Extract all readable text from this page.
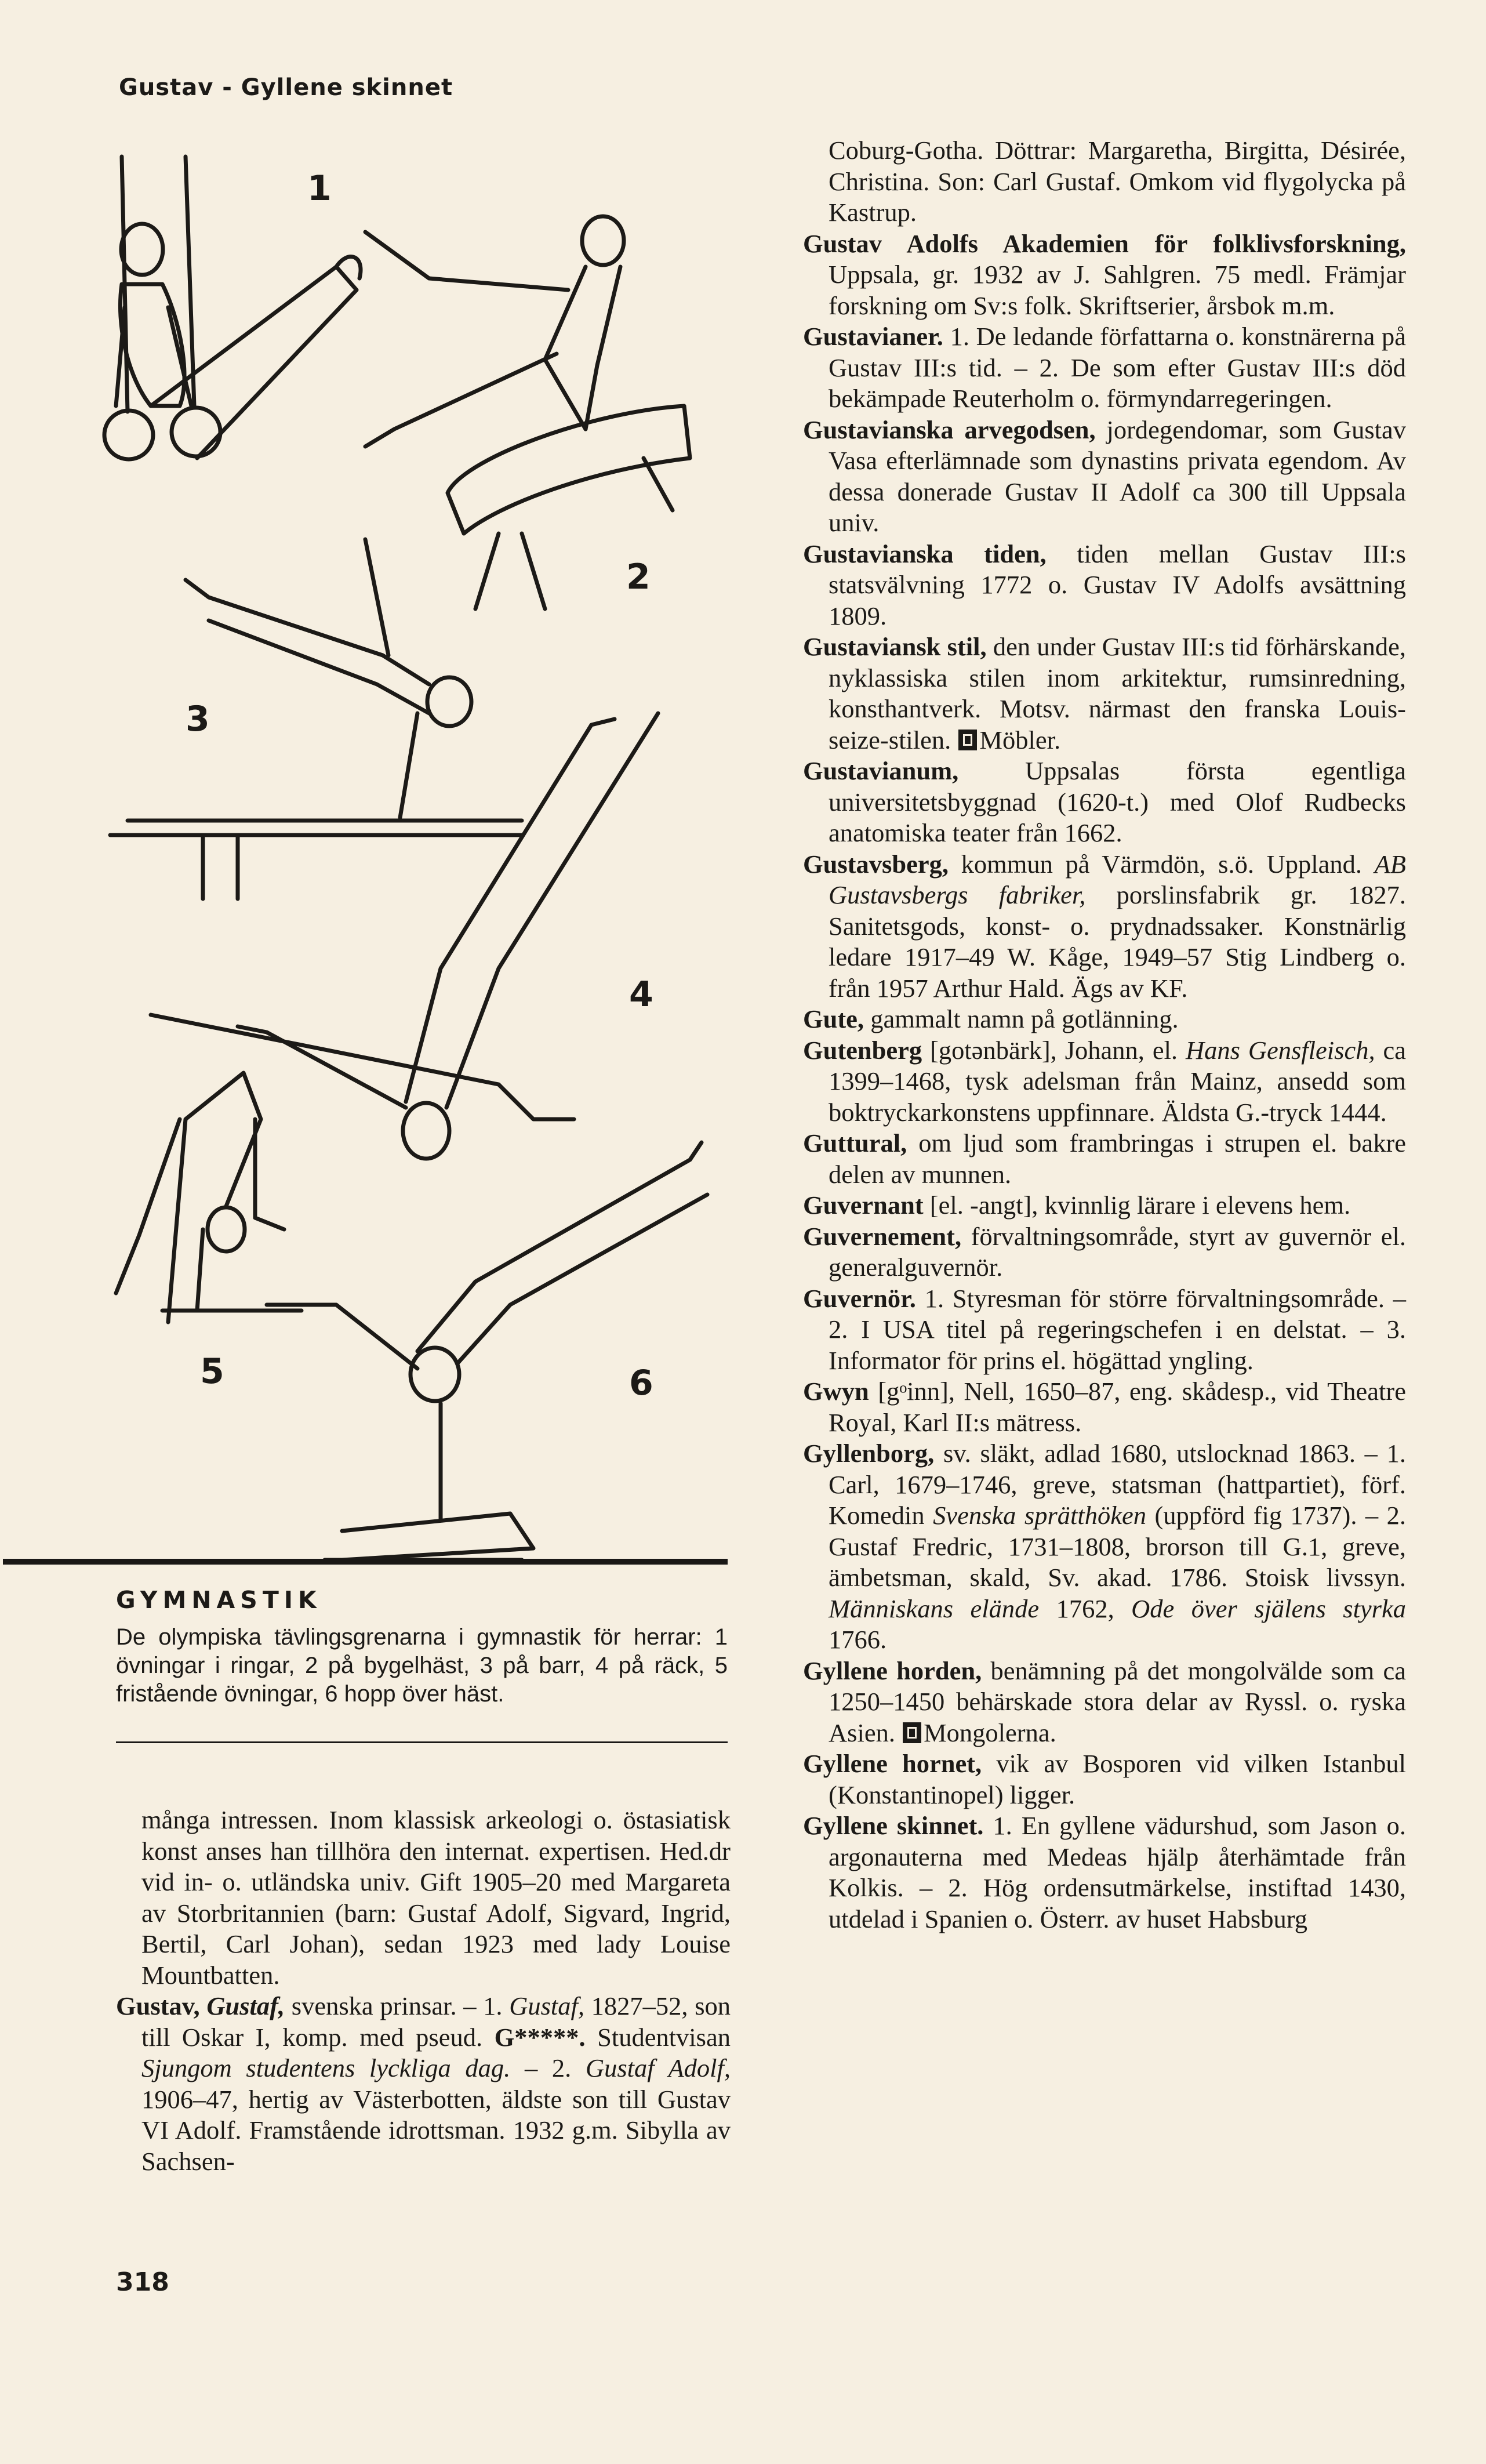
Gustav - Gyllene skinnet
1
2
3
4
5	6
GYMNASTIK
De olympiska tävlingsgrenarna i gymnastik för herrar: 1 övningar i ringar, 2 på bygelhäst, 3 på barr, 4 på räck, 5 fristående övningar, 6 hopp över häst.

många intressen. Inom klassisk arkeologi o. östasiatisk konst anses han tillhöra den internat. expertisen. Hed.dr vid in- o. utländska univ. Gift 1905–20 med Margareta av Storbritannien (barn: Gustaf Adolf, Sigvard, Ingrid, Bertil, Carl Johan), sedan 1923 med lady Louise Mountbatten.

Gustav, Gustaf, svenska prinsar. – 1. Gustaf, 1827–52, son till Oskar I, komp. med pseud. G*****. Studentvisan Sjungom studentens lyckliga dag. – 2. Gustaf Adolf, 1906–47, hertig av Västerbotten, äldste son till Gustav VI Adolf. Framstående idrottsman. 1932 g.m. Sibylla av Sachsen-

Coburg-Gotha. Döttrar: Margaretha, Birgitta, Désirée, Christina. Son: Carl Gustaf. Omkom vid flygolycka på Kastrup.

Gustav Adolfs Akademien för folklivsforskning, Uppsala, gr. 1932 av J. Sahlgren. 75 medl. Främjar forskning om Sv:s folk. Skriftserier, årsbok m.m.

Gustavianer. 1. De ledande författarna o. konstnärerna på Gustav III:s tid. – 2. De som efter Gustav III:s död bekämpade Reuterholm o. förmyndarregeringen.

Gustavianska arvegodsen, jordegendomar, som Gustav Vasa efterlämnade som dynastins privata egendom. Av dessa donerade Gustav II Adolf ca 300 till Uppsala univ.

Gustavianska tiden, tiden mellan Gustav III:s statsvälvning 1772 o. Gustav IV Adolfs avsättning 1809.

Gustaviansk stil, den under Gustav III:s tid förhärskande, nyklassiska stilen inom arkitektur, rumsinredning, konsthantverk. Motsv. närmast den franska Louis-seize-stilen. Möbler.

Gustavianum,	Uppsalas första egentliga universitetsbyggnad (1620-t.) med Olof Rudbecks anatomiska teater från 1662.

Gustavsberg, kommun på Värmdön, s.ö. Uppland. AB Gustavsbergs fabriker, porslinsfabrik gr. 1827. Sanitetsgods, konst- o. prydnadssaker. Konstnärlig ledare 1917–49 W. Kåge, 1949–57 Stig Lindberg o. från 1957 Arthur Hald. Ägs av KF.

Gute, gammalt namn på gotlänning.

Gutenberg [gotənbärk], Johann, el. Hans Gensfleisch, ca 1399–1468, tysk adelsman från Mainz, ansedd som boktryckarkonstens uppfinnare. Äldsta G.-tryck 1444.

Guttural, om ljud som frambringas i strupen el. bakre delen av munnen.

Guvernant [el. -angt], kvinnlig lärare i elevens hem.

Guvernement, förvaltningsområde, styrt av guvernör el. generalguvernör.

Guvernör. 1. Styresman för större förvaltningsområde. – 2. I USA titel på regeringschefen i en delstat. – 3. Informator för prins el. högättad yngling.

Gwyn [gᵒinn], Nell, 1650–87, eng. skådesp., vid Theatre Royal, Karl II:s mätress.

Gyllenborg, sv. släkt, adlad 1680, utslocknad 1863. – 1. Carl, 1679–1746, greve, statsman (hattpartiet), förf. Komedin Svenska sprätthöken (uppförd fig 1737). – 2. Gustaf Fredric, 1731–1808, brorson till G.1, greve, ämbetsman, skald, Sv. akad. 1786. Stoisk livssyn. Människans elände 1762, Ode över själens styrka 1766.

Gyllene horden, benämning på det mongolvälde som ca 1250–1450 behärskade stora delar av Ryssl. o. ryska Asien. Mongolerna.

Gyllene hornet, vik av Bosporen vid vilken Istanbul (Konstantinopel) ligger.

Gyllene skinnet. 1. En gyllene vädurshud, som Jason o. argonauterna med Medeas hjälp återhämtade från Kolkis. – 2. Hög ordensutmärkelse, instiftad 1430, utdelad i Spanien o. Österr. av huset Habsburg

318
